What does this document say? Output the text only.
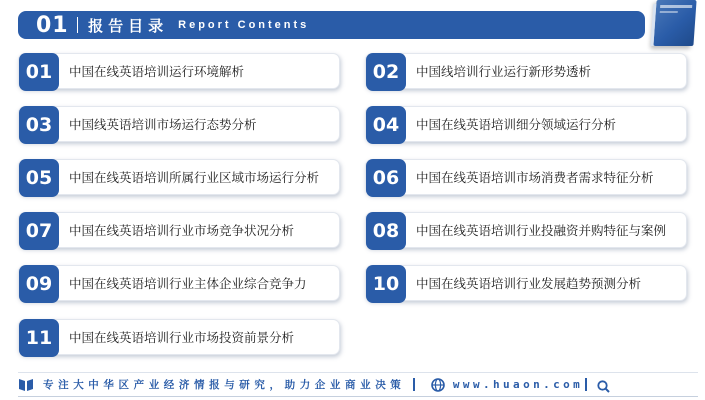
01 报告目录 Report Contents
01	中国在线英语培训运行环境解析	02	中国线培训行业运行新形势透析
03	中国线英语培训市场运行态势分析	04	中国在线英语培训细分领域运行分析
05	中国在线英语培训所属行业区域市场运行分析	06	中国在线英语培训市场消费者需求特征分析
07	中国在线英语培训行业市场竞争状况分析	08	中国在线英语培训行业投融资并购特征与案例
09	中国在线英语培训行业主体企业综合竞争力	10	中国在线英语培训行业发展趋势预测分析
11	中国在线英语培训行业市场投资前景分析
专注大中华区产业经济情报与研究，助力企业商业决策	www.huaon.com
